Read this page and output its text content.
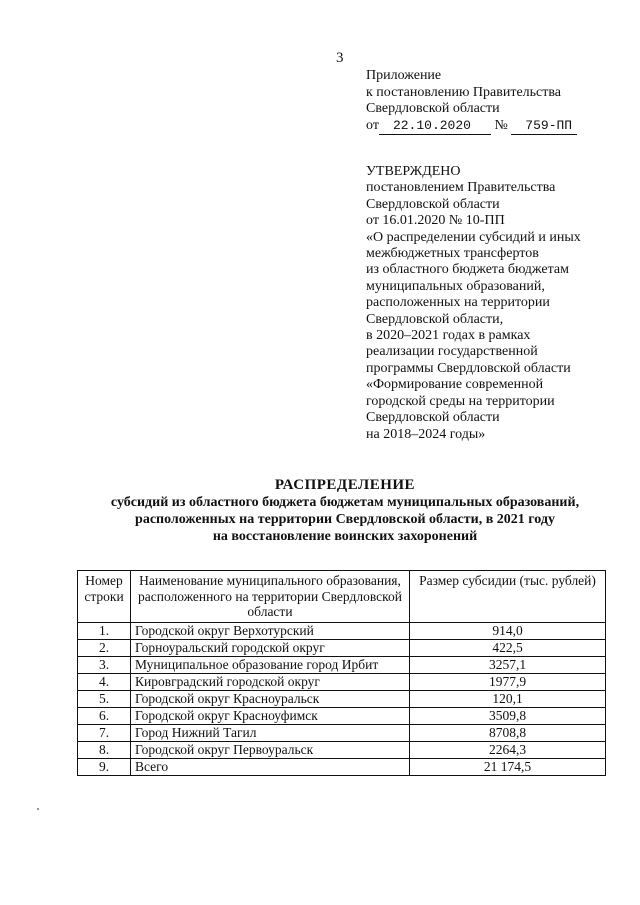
3
Приложение
к постановлению Правительства
Свердловской области
от 22.10.2020 № 759-ПП
УТВЕРЖДЕНО
постановлением Правительства
Свердловской области
от 16.01.2020 № 10-ПП
«О распределении субсидий и иных
межбюджетных трансфертов
из областного бюджета бюджетам
муниципальных образований,
расположенных на территории
Свердловской области,
в 2020–2021 годах в рамках
реализации государственной
программы Свердловской области
«Формирование современной
городской среды на территории
Свердловской области
на 2018–2024 годы»
РАСПРЕДЕЛЕНИЕ
субсидий из областного бюджета бюджетам муниципальных образований,
расположенных на территории Свердловской области, в 2021 году
на восстановление воинских захоронений
Номер строки	Наименование муниципального образования, расположенного на территории Свердловской области	Размер субсидии (тыс. рублей)
1.	Городской округ Верхотурский	914,0
2.	Горноуральский городской округ	422,5
3.	Муниципальное образование город Ирбит	3257,1
4.	Кировградский городской округ	1977,9
5.	Городской округ Красноуральск	120,1
6.	Городской округ Красноуфимск	3509,8
7.	Город Нижний Тагил	8708,8
8.	Городской округ Первоуральск	2264,3
9.	Всего	21 174,5
